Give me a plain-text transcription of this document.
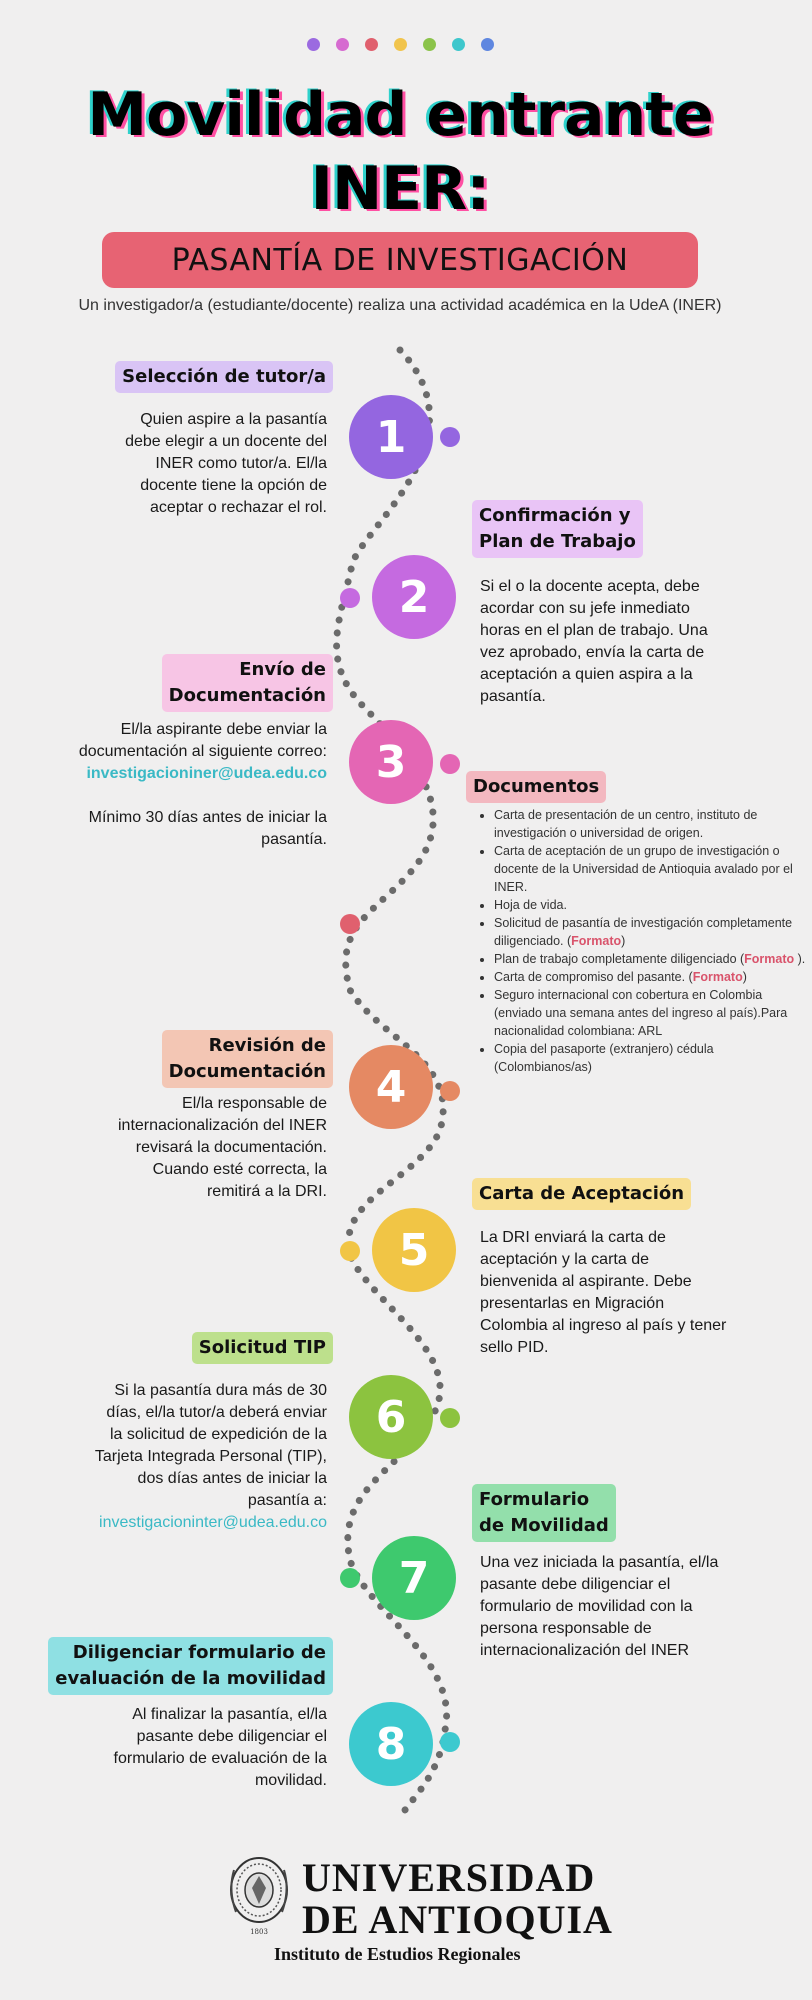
Movilidad entrante
INER:
PASANTÍA DE INVESTIGACIÓN
Un investigador/a (estudiante/docente) realiza una actividad académica en la UdeA (INER)
1
2
3
4
5
6
7
8
Selección de tutor/a
Quien aspire a la pasantía
debe elegir a un docente del
INER como tutor/a. El/la
docente tiene la opción de
aceptar o rechazar el rol.	Confirmación y
Plan de Trabajo
Si el o la docente acepta, debe
acordar con su jefe inmediato
horas en el plan de trabajo. Una
vez aprobado, envía la carta de
aceptación a quien aspira a la
pasantía.
Envío de
Documentación
El/la aspirante debe enviar la
documentación al siguiente correo:
investigacioniner@udea.edu.co
Mínimo 30 días antes de iniciar la
pasantía.
Documentos
• Carta de presentación de un centro, instituto de investigación o universidad de origen.
• Carta de aceptación de un grupo de investigación o docente de la Universidad de Antioquia avalado por el INER.
• Hoja de vida.
• Solicitud de pasantía de investigación completamente diligenciado. (Formato)
• Plan de trabajo completamente diligenciado (Formato ).
• Carta de compromiso del pasante. (Formato)
• Seguro internacional con cobertura en Colombia (enviado una semana antes del ingreso al país).Para nacionalidad colombiana: ARL
• Copia del pasaporte (extranjero) cédula (Colombianos/as)
Revisión de
Documentación
El/la responsable de
internacionalización del INER
revisará la documentación.
Cuando esté correcta, la
remitirá a la DRI.	Carta de Aceptación
La DRI enviará la carta de
aceptación y la carta de
bienvenida al aspirante. Debe
presentarlas en Migración
Colombia al ingreso al país y tener
sello PID.
Solicitud TIP
Si la pasantía dura más de 30
días, el/la tutor/a deberá enviar
la solicitud de expedición de la
Tarjeta Integrada Personal (TIP),
dos días antes de iniciar la
pasantía a:
investigacioninter@udea.edu.co
Formulario
de Movilidad
Una vez iniciada la pasantía, el/la
pasante debe diligenciar el
formulario de movilidad con la
persona responsable de
internacionalización del INER
Diligenciar formulario de
evaluación de la movilidad
Al finalizar la pasantía, el/la
pasante debe diligenciar el
formulario de evaluación de la
movilidad.
1803
UNIVERSIDAD
DE ANTIOQUIA
Instituto de Estudios Regionales
